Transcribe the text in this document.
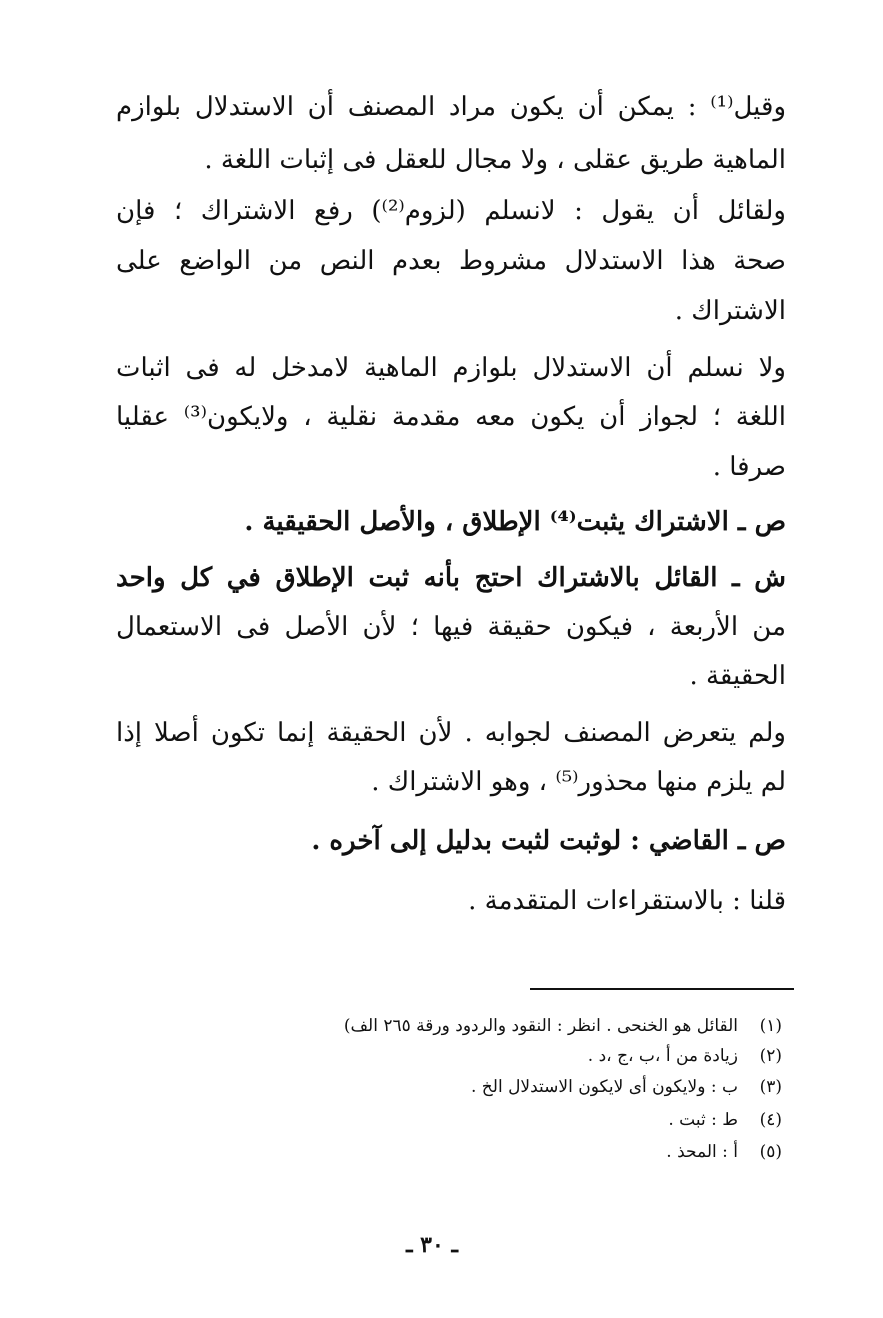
وقيل⁽¹⁾ : يمكن أن يكون مراد المصنف أن الاستدلال بلوازم
الماهية طريق عقلى ، ولا مجال للعقل فى إثبات اللغة .
ولقائل أن يقول : لانسلم (لزوم⁽²⁾) رفع الاشتراك ؛ فإن
صحة هذا الاستدلال مشروط بعدم النص من الواضع على
الاشتراك .
ولا نسلم أن الاستدلال بلوازم الماهية لامدخل له فى اثبات
اللغة ؛ لجواز أن يكون معه مقدمة نقلية ، ولايكون⁽³⁾ عقليا
صرفا .
ص ـ الاشتراك يثبت⁽⁴⁾ الإطلاق ، والأصل الحقيقية .
ش ـ القائل بالاشتراك احتج بأنه ثبت الإطلاق في كل واحد
من الأربعة ، فيكون حقيقة فيها ؛ لأن الأصل فى الاستعمال
الحقيقة .
ولم يتعرض المصنف لجوابه . لأن الحقيقة إنما تكون أصلا إذا
لم يلزم منها محذور⁽⁵⁾ ، وهو الاشتراك .
ص ـ القاضي : لوثبت لثبت بدليل إلى آخره .
قلنا : بالاستقراءات المتقدمة .
(١)
القائل هو الخنحى . انظر : النقود والردود ورقة ٢٦٥ الف)
(٢)
زيادة من أ ،ب ،ج ،د .
(٣)
ب : ولايكون أى لايكون الاستدلال الخ .
(٤)
ط : ثبت .
(٥)
أ : المحذ .
ـ ٣٠ ـ
